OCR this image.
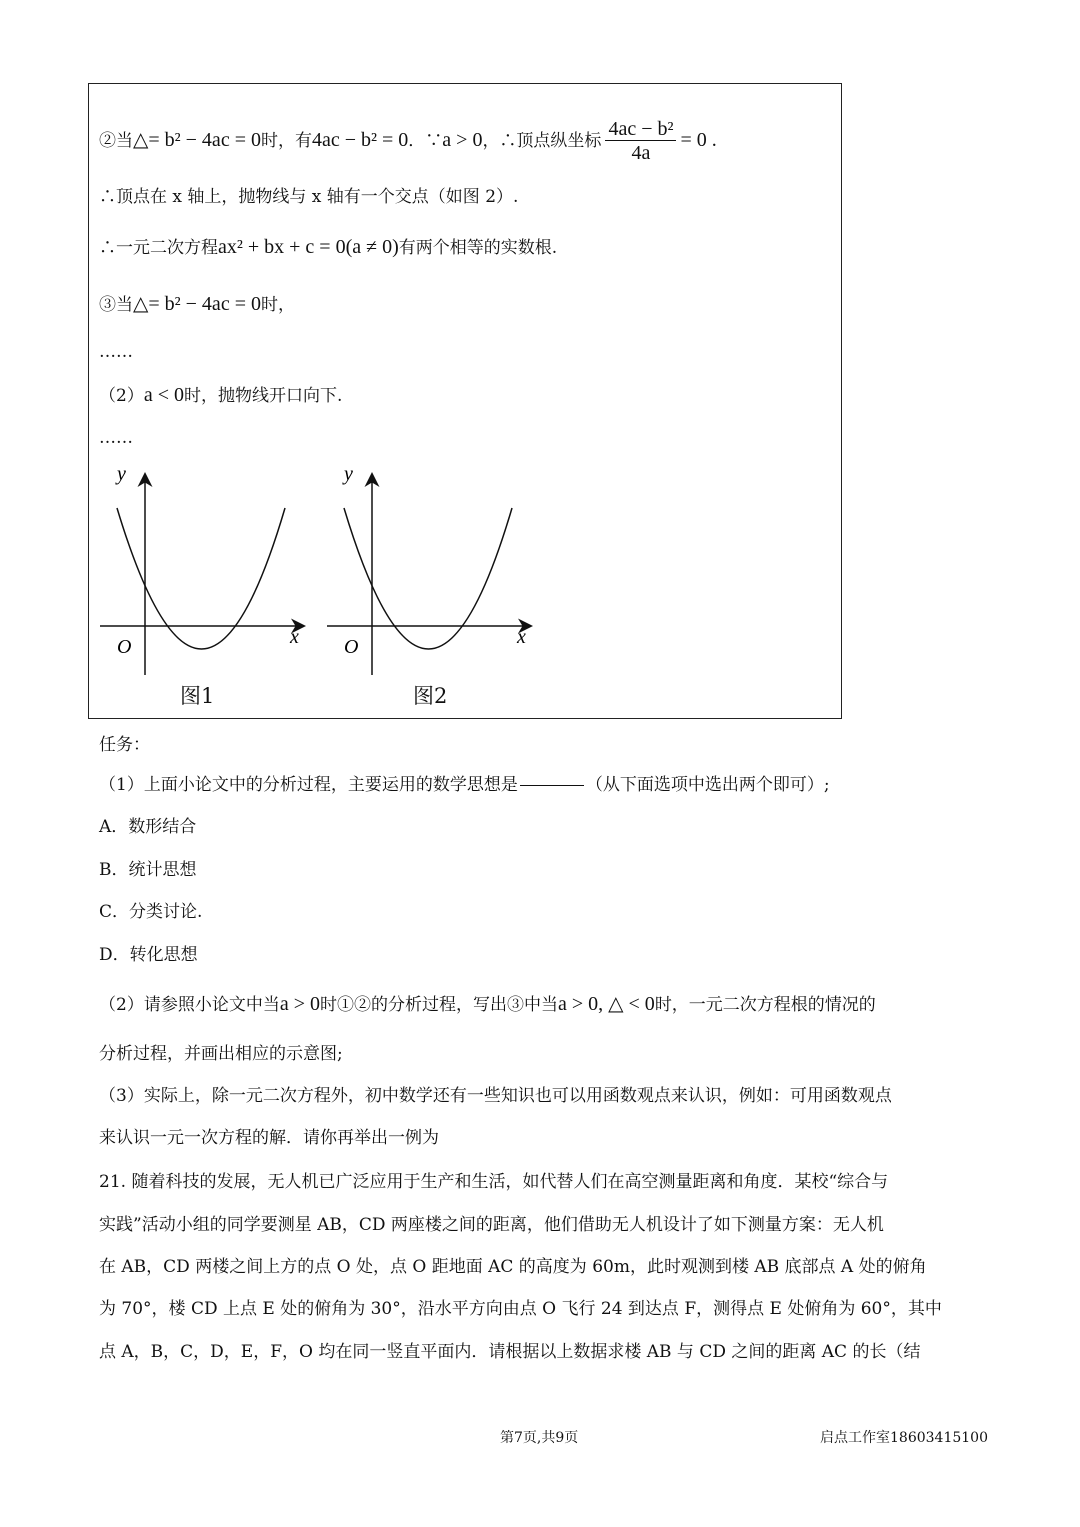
②当△= b² − 4ac = 0时，有4ac − b² = 0．∵a > 0，∴顶点纵坐标 $\frac{\text{4ac − b²}}{4a} = 0$ .
∴顶点在 x 轴上，抛物线与 x 轴有一个交点（如图 2）.
∴一元二次方程ax² + bx + c = 0(a ≠ 0)有两个相等的实数根.
③当△= b² − 4ac = 0时，
……
（2）a < 0时，抛物线开口向下.
……
y
x
O
图1
y
x
O
图2
任务：
（1）上面小论文中的分析过程，主要运用的数学思想是	（从下面选项中选出两个即可）;
A．数形结合
B．统计思想
C．分类讨论.
D．转化思想
（2）请参照小论文中当a > 0时①②的分析过程，写出③中当a > 0, △ < 0时，一元二次方程根的情况的
分析过程，并画出相应的示意图;
（3）实际上，除一元二次方程外，初中数学还有一些知识也可以用函数观点来认识，例如：可用函数观点
来认识一元一次方程的解．请你再举出一例为
21. 随着科技的发展，无人机已广泛应用于生产和生活，如代替人们在高空测量距离和角度．某校“综合与
实践”活动小组的同学要测星 AB，CD 两座楼之间的距离，他们借助无人机设计了如下测量方案：无人机
在 AB，CD 两楼之间上方的点 O 处，点 O 距地面 AC 的高度为 60m，此时观测到楼 AB 底部点 A 处的俯角
为 70°，楼 CD 上点 E 处的俯角为 30°，沿水平方向由点 O 飞行 24 到达点 F，测得点 E 处俯角为 60°，其中
点 A，B，C，D，E，F，O 均在同一竖直平面内．请根据以上数据求楼 AB 与 CD 之间的距离 AC 的长（结
第7页,共9页	启点工作室18603415100
